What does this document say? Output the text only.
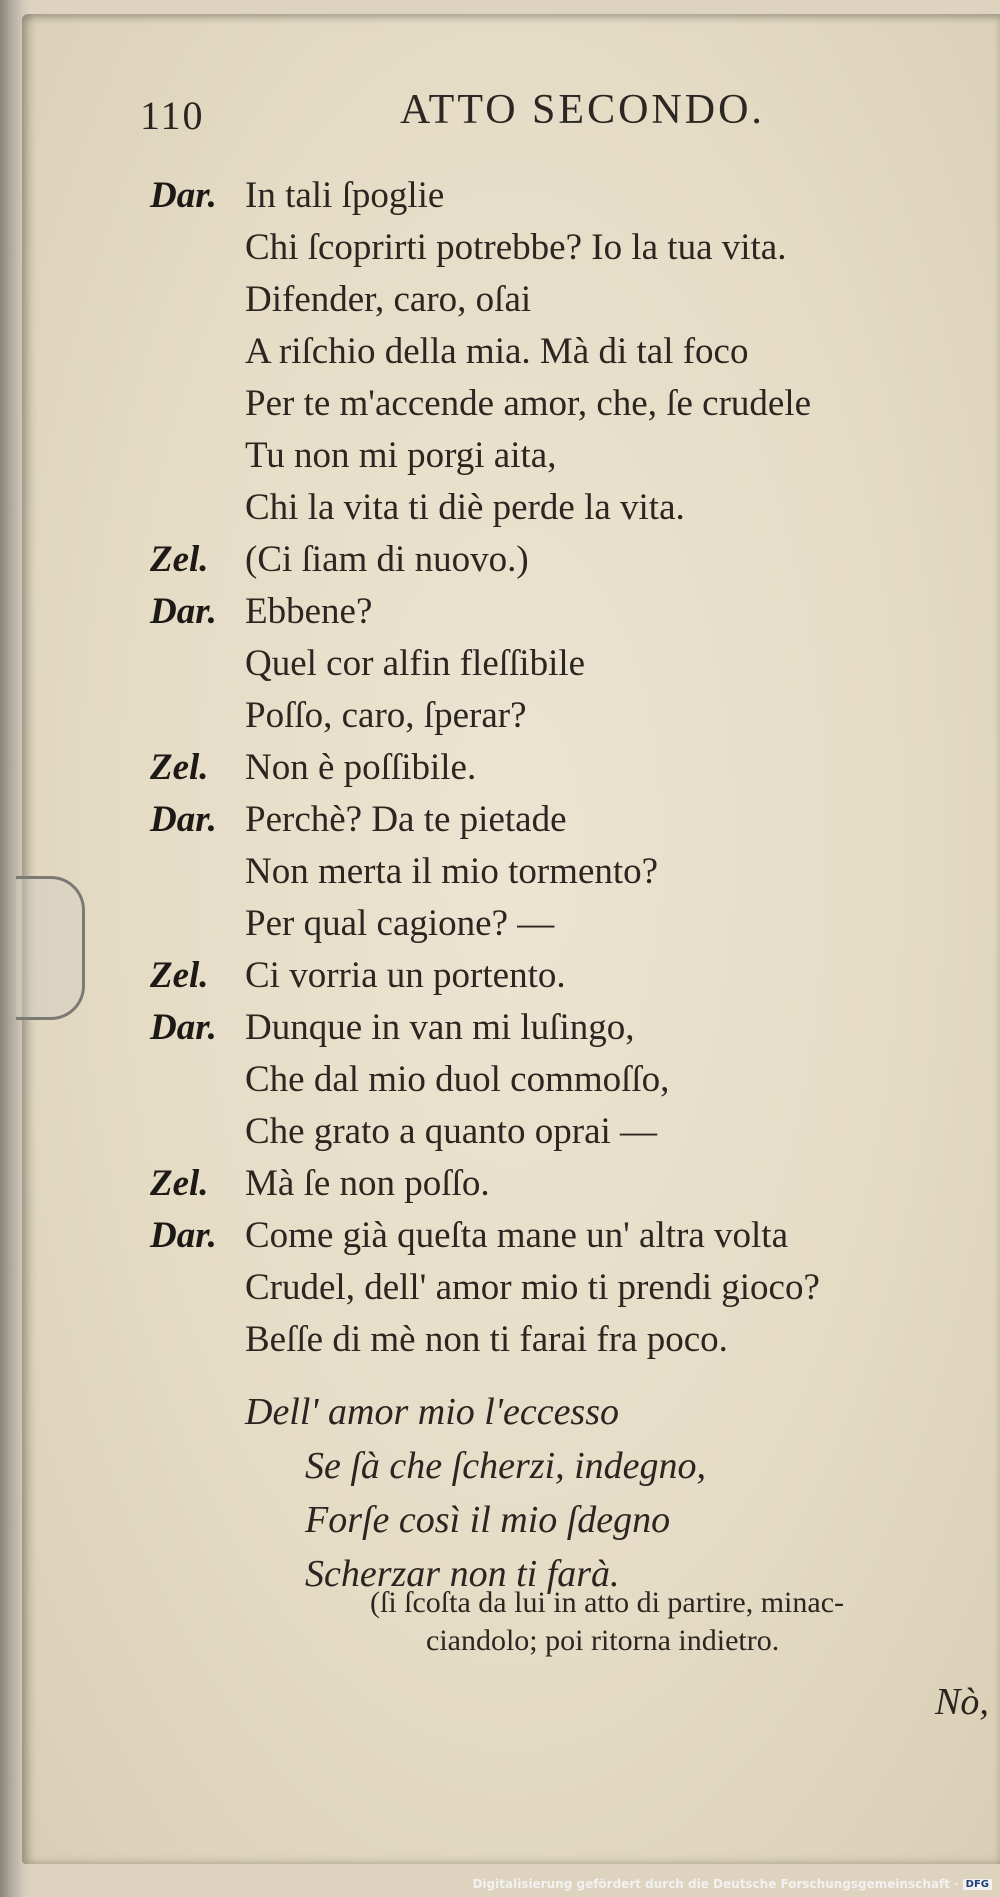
110	ATTO SECONDO.
Dar. In tali ſpoglie
Chi ſcoprirti potrebbe? Io la tua vita.
Difender, caro, oſai
A riſchio della mia. Mà di tal foco
Per te m'accende amor, che, ſe crudele
Tu non mi porgi aita,
Chi la vita ti diè perde la vita.
Zel. (Ci ſiam di nuovo.)
Dar. Ebbene?
Quel cor alfin fleſſibile
Poſſo, caro, ſperar?
Zel. Non è poſſibile.
Dar. Perchè? Da te pietade
Non merta il mio tormento?
Per qual cagione? —
Zel. Ci vorria un portento.
Dar. Dunque in van mi luſingo,
Che dal mio duol commoſſo,
Che grato a quanto oprai —
Zel. Mà ſe non poſſo.
Dar. Come già queſta mane un' altra volta
Crudel, dell' amor mio ti prendi gioco?
Beſſe di mè non ti farai fra poco.
Dell' amor mio l'eccesso
Se ſà che ſcherzi, indegno,
Forſe così il mio ſdegno
Scherzar non ti farà.
(ſi ſcoſta da lui in atto di partire, minac-
ciandolo; poi ritorna indietro.
Nò,
Digitalisierung gefördert durch die Deutsche Forschungsgemeinschaft · DFG
